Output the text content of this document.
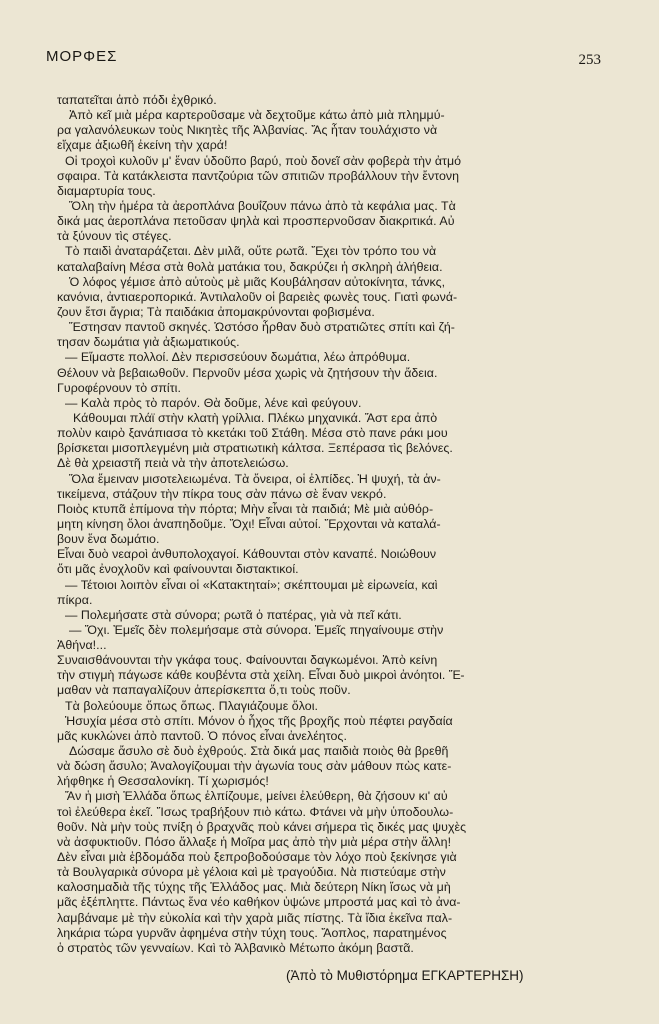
ΜΟΡΦΕΣ	253
ταπατεῖται ἀπὸ πόδι ἐχθρικό.
Ἀπὸ κεῖ μιὰ μέρα καρτεροῦσαμε νὰ δεχτοῦμε κάτω ἀπὸ μιὰ πλημμύ-
ρα γαλανόλευκων τοὺς Νικητὲς τῆς Ἀλβανίας. Ἄς ἦταν τουλάχιστο νὰ
εἴχαμε ἀξιωθῆ ἐκείνη τὴν χαρά!
Οἱ τροχοὶ κυλοῦν μ' ἕναν ὑδοῦπο βαρύ, ποὺ δονεῖ σὰν φοβερὰ τὴν ἀτμό
σφαιρα. Τὰ κατάκλειστα παντζούρια τῶν σπιτιῶν προβάλλουν τὴν ἔντονη
διαμαρτυρία τους.
Ὅλη τὴν ἡμέρα τὰ ἀεροπλάνα βουΐζουν πάνω ἀπὸ τὰ κεφάλια μας. Τὰ
δικά μας ἀεροπλάνα πετοῦσαν ψηλὰ καὶ προσπερνοῦσαν διακριτικά. Αὐ
τὰ ξύνουν τὶς στέγες.
Τὸ παιδὶ ἀναταράζεται. Δὲν μιλᾶ, οὔτε ρωτᾶ. Ἔχει τὸν τρόπο του νὰ
καταλαβαίνη Μέσα στὰ θολὰ ματάκια του, δακρύζει ἡ σκληρὴ ἀλήθεια.
Ὁ λόφος γέμισε ἀπὸ αὐτοὺς μὲ μιᾶς Κουβάλησαν αὐτοκίνητα, τάνκς,
κανόνια, ἀντιαεροπορικά. Ἀντιλαλοῦν οἱ βαρειὲς φωνὲς τους. Γιατὶ φωνά-
ζουν ἔτσι ἄγρια; Τὰ παιδάκια ἀπομακρύνονται φοβισμένα.
Ἔστησαν παντοῦ σκηνές. Ὡστόσο ἦρθαν δυὸ στρατιῶτες σπίτι καὶ ζή-
τησαν δωμάτια γιὰ ἀξιωματικούς.
— Εἴμαστε πολλοί. Δὲν περισσεύουν δωμάτια, λέω ἀπρόθυμα.
Θέλουν νὰ βεβαιωθοῦν. Περνοῦν μέσα χωρὶς νὰ ζητήσουν τὴν ἄδεια.
Γυροφέρνουν τὸ σπίτι.
— Καλὰ πρὸς τὸ παρόν. Θὰ δοῦμε, λένε καὶ φεύγουν.
Κάθουμαι πλάϊ στὴν κλατὴ γρίλλια. Πλέκω μηχανικά. Ἄστ ερα ἀπὸ
πολὺν καιρὸ ξανάπιασα τὸ κκετάκι τοῦ Στάθη. Μέσα στὸ πανε ράκι μου
βρίσκεται μισοπλεγμένη μιὰ στρατιωτικὴ κάλτσα. Ξεπέρασα τὶς βελόνες.
Δὲ θὰ χρειαστῆ πειὰ νὰ τὴν ἀποτελειώσω.
Ὅλα ἔμειναν μισοτελειωμένα. Τὰ ὄνειρα, οἱ ἐλπίδες. Ἡ ψυχή, τὰ ἀν-
τικείμενα, στάζουν τὴν πίκρα τους σὰν πάνω σὲ ἕναν νεκρό.
Ποιὸς κτυπᾶ ἐπίμονα τὴν πόρτα; Μὴν εἶναι τὰ παιδιά; Μὲ μιὰ αὐθόρ-
μητη κίνηση ὅλοι ἀναπηδοῦμε. Ὄχι! Εἶναι αὐτοί. Ἔρχονται νὰ καταλά-
βουν ἕνα δωμάτιο.
Εἶναι δυὸ νεαροὶ ἀνθυπολοχαγοί. Κάθουνται στὸν καναπέ. Νοιώθουν
ὅτι μᾶς ἐνοχλοῦν καὶ φαίνουνται διστακτικοί.
— Τέτοιοι λοιπὸν εἶναι οἱ «Κατακτηταί»; σκέπτουμαι μὲ εἰρωνεία, καὶ
πίκρα.
— Πολεμήσατε στὰ σύνορα; ρωτᾶ ὁ πατέρας, γιὰ νὰ πεῖ κάτι.
— Ὄχι. Ἐμεῖς δὲν πολεμήσαμε στὰ σύνορα. Ἐμεῖς πηγαίνουμε στὴν
Ἀθήνα!...
Συναισθάνουνται τὴν γκάφα τους. Φαίνουνται δαγκωμένοι. Ἀπὸ κείνη
τὴν στιγμὴ πάγωσε κάθε κουβέντα στὰ χείλη. Εἶναι δυὸ μικροὶ ἀνόητοι. Ἔ-
μαθαν νὰ παπαγαλίζουν ἀπερίσκεπτα ὅ,τι τοὺς ποῦν.
Τὰ βολεύουμε ὅπως ὅπως. Πλαγιάζουμε ὅλοι.
Ἡσυχία μέσα στὸ σπίτι. Μόνον ὁ ἦχος τῆς βροχῆς ποὺ πέφτει ραγδαία
μᾶς κυκλώνει ἀπὸ παντοῦ. Ὁ πόνος εἶναι ἀνελέητος.
Δώσαμε ἄσυλο σὲ δυὸ ἐχθρούς. Στὰ δικά μας παιδιὰ ποιὸς θὰ βρεθῆ
νὰ δώση ἄσυλο; Ἀναλογίζουμαι τὴν ἀγωνία τους σὰν μάθουν πὼς κατε-
λήφθηκε ἡ Θεσσαλονίκη. Τί χωρισμός!
Ἄν ἡ μισὴ Ἑλλάδα ὅπως ἐλπίζουμε, μείνει ἐλεύθερη, θὰ ζήσουν κι' αὐ
τοὶ ἐλεύθερα ἐκεῖ. Ἴσως τραβήξουν πιὸ κάτω. Φτάνει νὰ μὴν ὑποδουλω-
θοῦν. Νὰ μὴν τοὺς πνίξη ὁ βραχνᾶς ποὺ κάνει σήμερα τὶς δικές μας ψυχὲς
νὰ ἀσφυκτιοῦν. Πόσο ἄλλαξε ἡ Μοῖρα μας ἀπὸ τὴν μιὰ μέρα στὴν ἄλλη!
Δὲν εἶναι μιὰ ἑβδομάδα ποὺ ξεπροβοδούσαμε τὸν λόχο ποὺ ξεκίνησε γιὰ
τὰ Βουλγαρικὰ σύνορα μὲ γέλοια καὶ μὲ τραγούδια. Νὰ πιστεύαμε στὴν
καλοσημαδιὰ τῆς τύχης τῆς Ἑλλάδος μας. Μιὰ δεύτερη Νίκη ἴσως νὰ μὴ
μᾶς ἐξέπληττε. Πάντως ἕνα νέο καθήκον ὑψώνε μπροστά μας καὶ τὸ ἀνα-
λαμβάναμε μὲ τὴν εὐκολία καὶ τὴν χαρὰ μιᾶς πίστης. Τὰ ἴδια ἐκεῖνα παλ-
ληκάρια τώρα γυρνᾶν ἀφημένα στὴν τύχη τους. Ἄοπλος, παρατημένος
ὁ στρατὸς τῶν γενναίων. Καὶ τὸ Ἀλβανικὸ Μέτωπο ἀκόμη βαστᾶ.
(Ἀπὸ τὸ Μυθιστόρημα ΕΓΚΑΡΤΕΡΗΣΗ)
